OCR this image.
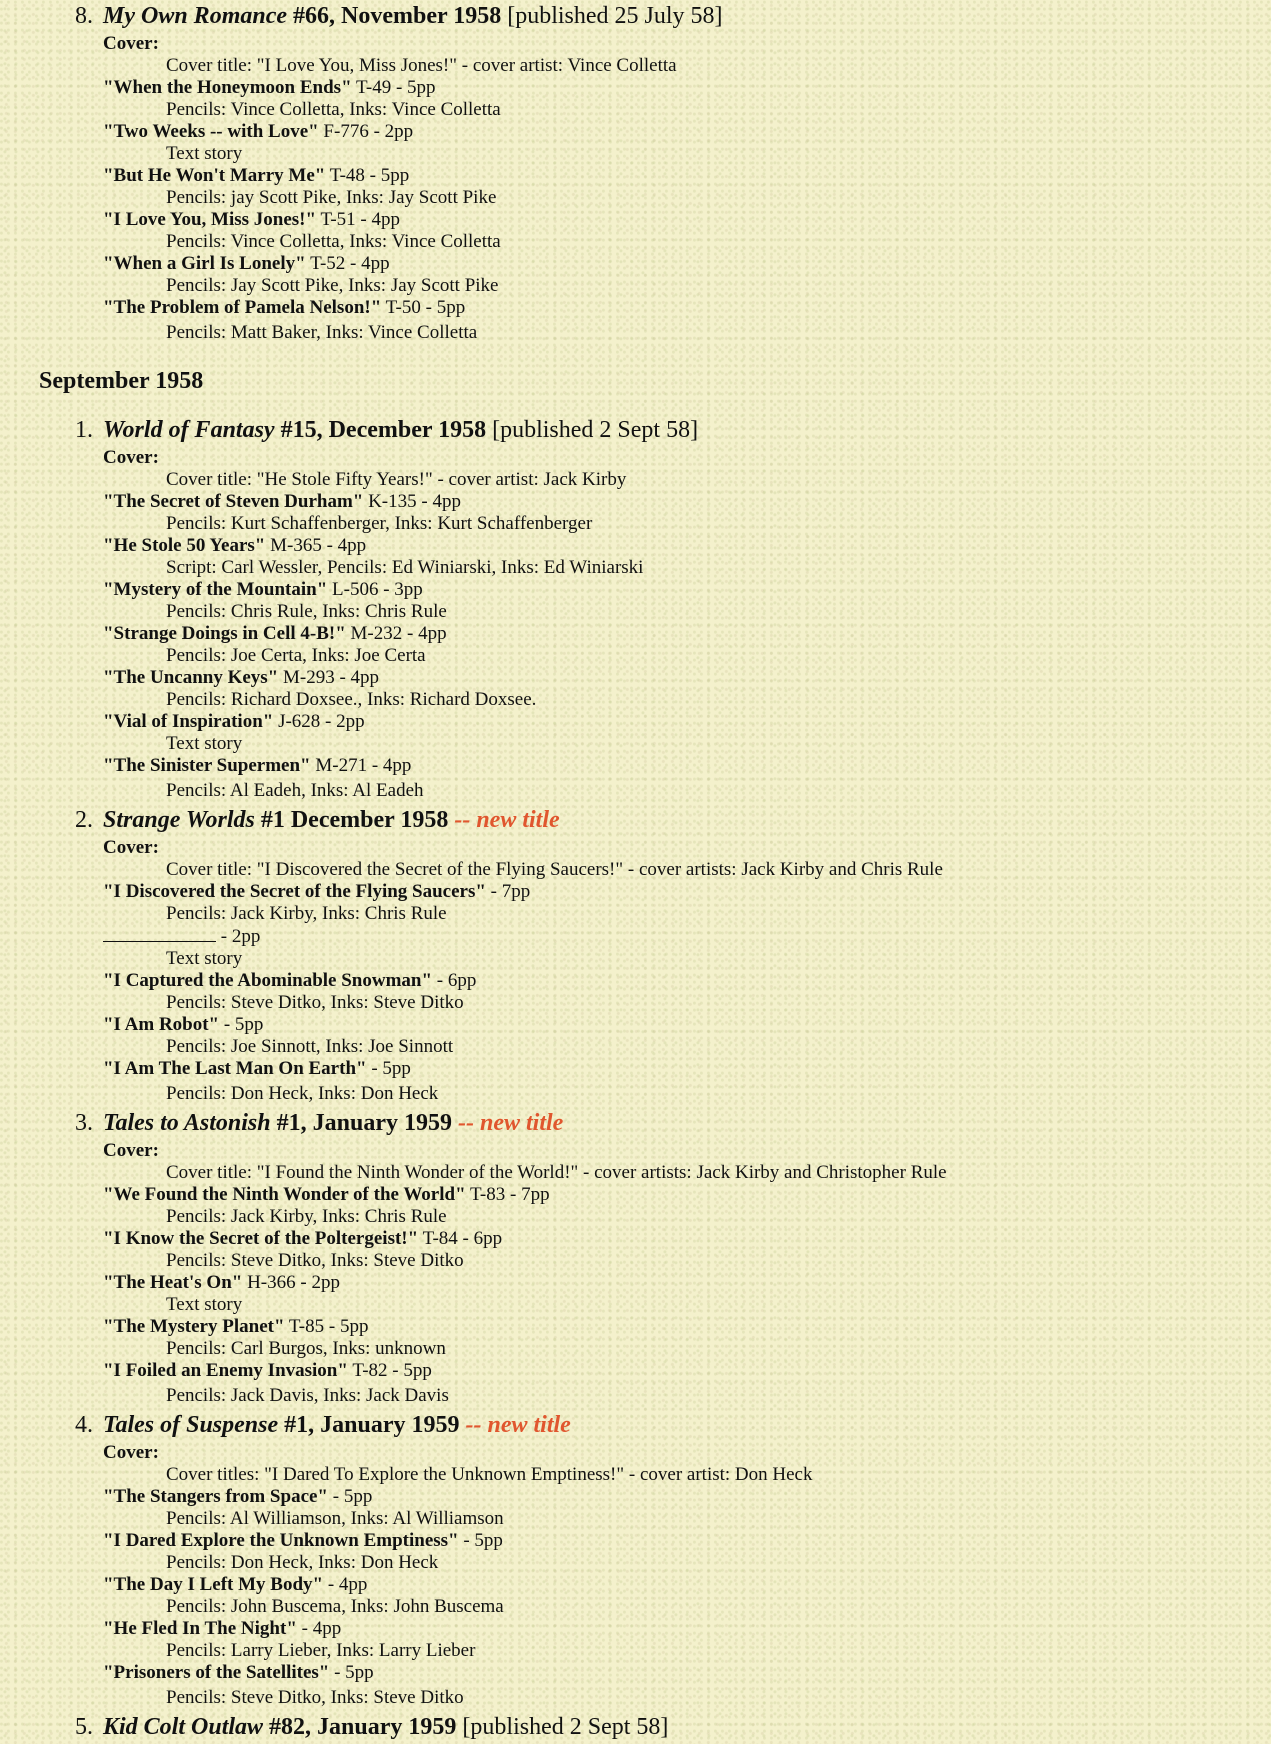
8. My Own Romance #66, November 1958 [published 25 July 58]
Cover:
Cover title: "I Love You, Miss Jones!" - cover artist: Vince Colletta
"When the Honeymoon Ends" T-49 - 5pp
Pencils: Vince Colletta, Inks: Vince Colletta
"Two Weeks -- with Love" F-776 - 2pp
Text story
"But He Won't Marry Me" T-48 - 5pp
Pencils: jay Scott Pike, Inks: Jay Scott Pike
"I Love You, Miss Jones!" T-51 - 4pp
Pencils: Vince Colletta, Inks: Vince Colletta
"When a Girl Is Lonely" T-52 - 4pp
Pencils: Jay Scott Pike, Inks: Jay Scott Pike
"The Problem of Pamela Nelson!" T-50 - 5pp
Pencils: Matt Baker, Inks: Vince Colletta
September 1958
1. World of Fantasy #15, December 1958 [published 2 Sept 58]
Cover:
Cover title: "He Stole Fifty Years!" - cover artist: Jack Kirby
"The Secret of Steven Durham" K-135 - 4pp
Pencils: Kurt Schaffenberger, Inks: Kurt Schaffenberger
"He Stole 50 Years" M-365 - 4pp
Script: Carl Wessler, Pencils: Ed Winiarski, Inks: Ed Winiarski
"Mystery of the Mountain" L-506 - 3pp
Pencils: Chris Rule, Inks: Chris Rule
"Strange Doings in Cell 4-B!" M-232 - 4pp
Pencils: Joe Certa, Inks: Joe Certa
"The Uncanny Keys" M-293 - 4pp
Pencils: Richard Doxsee., Inks: Richard Doxsee.
"Vial of Inspiration" J-628 - 2pp
Text story
"The Sinister Supermen" M-271 - 4pp
Pencils: Al Eadeh, Inks: Al Eadeh
2. Strange Worlds #1 December 1958 -- new title
Cover:
Cover title: "I Discovered the Secret of the Flying Saucers!" - cover artists: Jack Kirby and Chris Rule
"I Discovered the Secret of the Flying Saucers" - 7pp
Pencils: Jack Kirby, Inks: Chris Rule
- 2pp
Text story
"I Captured the Abominable Snowman" - 6pp
Pencils: Steve Ditko, Inks: Steve Ditko
"I Am Robot" - 5pp
Pencils: Joe Sinnott, Inks: Joe Sinnott
"I Am The Last Man On Earth" - 5pp
Pencils: Don Heck, Inks: Don Heck
3. Tales to Astonish #1, January 1959 -- new title
Cover:
Cover title: "I Found the Ninth Wonder of the World!" - cover artists: Jack Kirby and Christopher Rule
"We Found the Ninth Wonder of the World" T-83 - 7pp
Pencils: Jack Kirby, Inks: Chris Rule
"I Know the Secret of the Poltergeist!" T-84 - 6pp
Pencils: Steve Ditko, Inks: Steve Ditko
"The Heat's On" H-366 - 2pp
Text story
"The Mystery Planet" T-85 - 5pp
Pencils: Carl Burgos, Inks: unknown
"I Foiled an Enemy Invasion" T-82 - 5pp
Pencils: Jack Davis, Inks: Jack Davis
4. Tales of Suspense #1, January 1959 -- new title
Cover:
Cover titles: "I Dared To Explore the Unknown Emptiness!" - cover artist: Don Heck
"The Stangers from Space" - 5pp
Pencils: Al Williamson, Inks: Al Williamson
"I Dared Explore the Unknown Emptiness" - 5pp
Pencils: Don Heck, Inks: Don Heck
"The Day I Left My Body" - 4pp
Pencils: John Buscema, Inks: John Buscema
"He Fled In The Night" - 4pp
Pencils: Larry Lieber, Inks: Larry Lieber
"Prisoners of the Satellites" - 5pp
Pencils: Steve Ditko, Inks: Steve Ditko
5. Kid Colt Outlaw #82, January 1959 [published 2 Sept 58]
